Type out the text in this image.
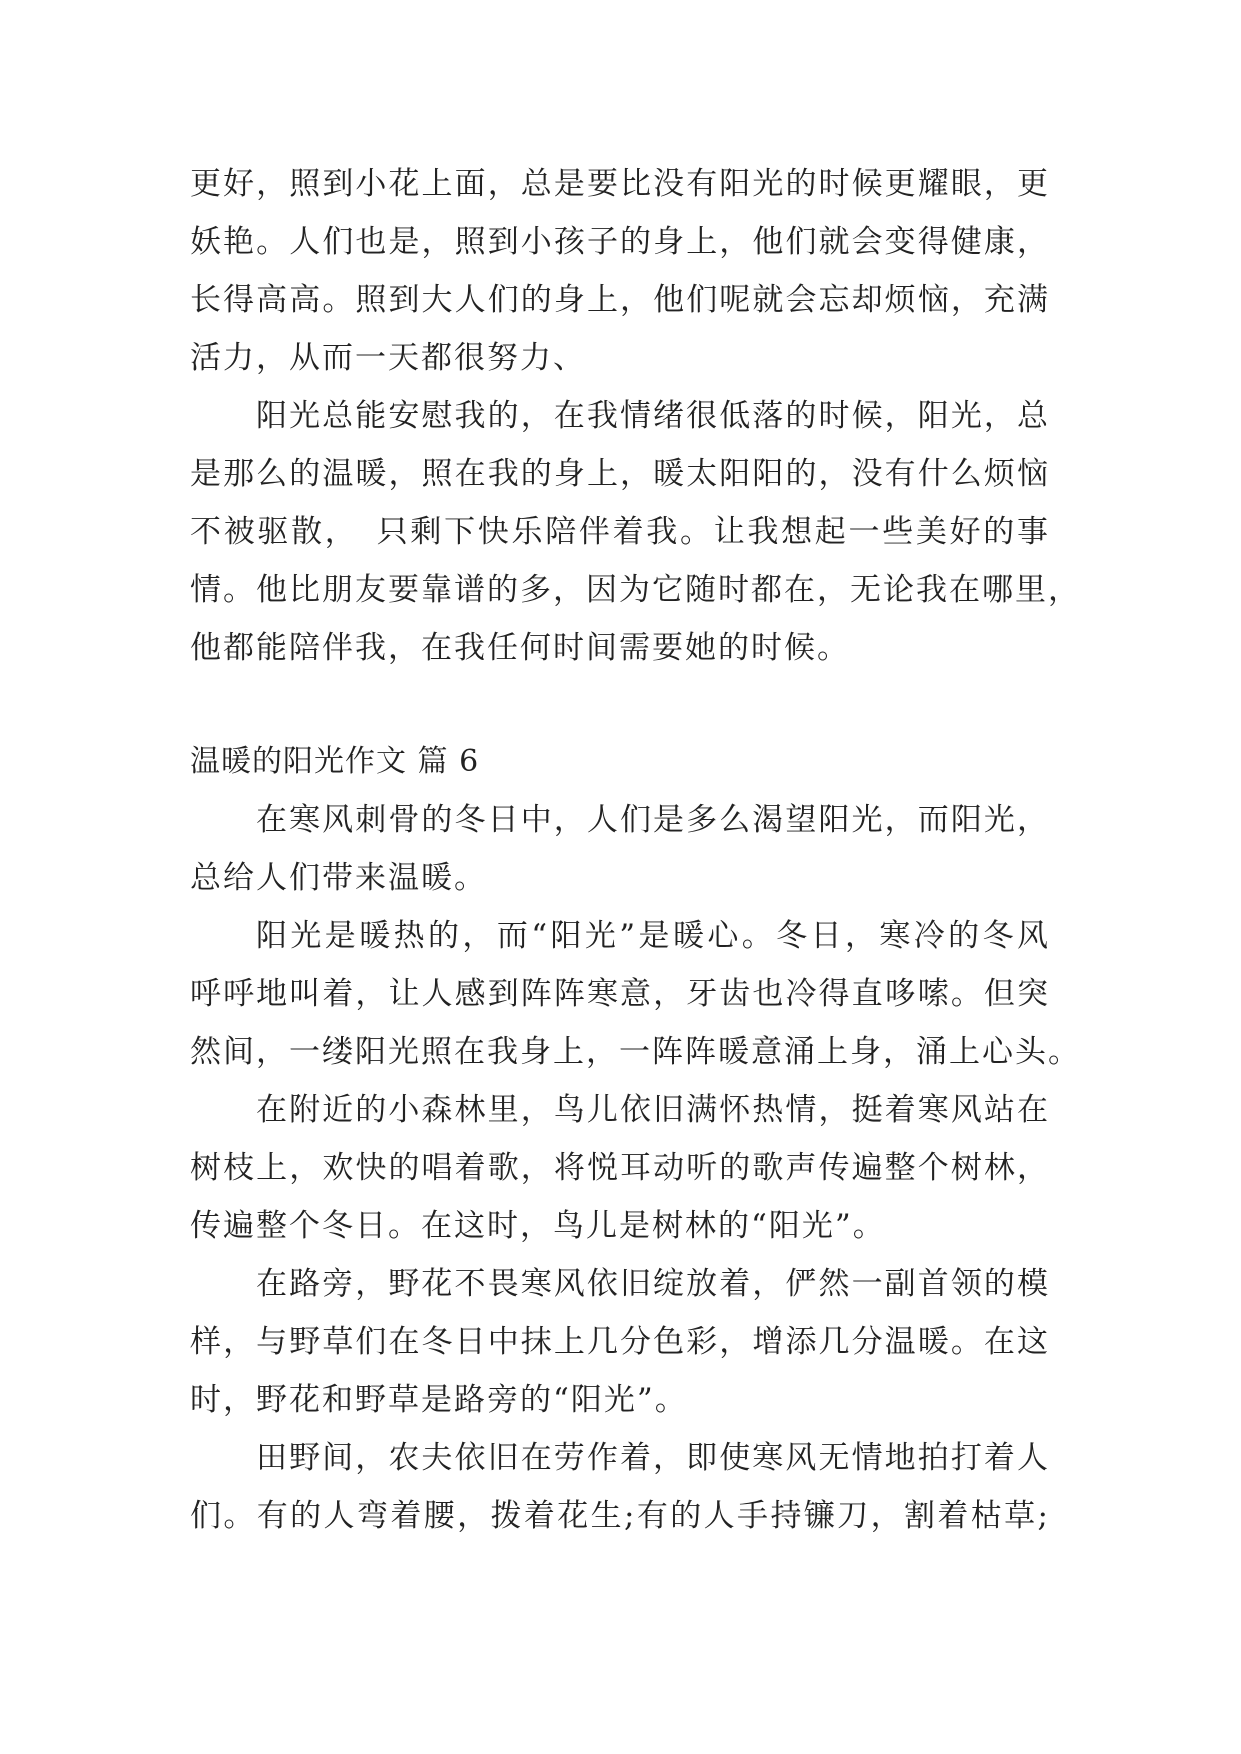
更好，照到小花上面，总是要比没有阳光的时候更耀眼，更
妖艳。人们也是，照到小孩子的身上，他们就会变得健康，
长得高高。照到大人们的身上，他们呢就会忘却烦恼，充满
活力，从而一天都很努力、
阳光总能安慰我的，在我情绪很低落的时候，阳光，总
是那么的温暖，照在我的身上，暖太阳阳的，没有什么烦恼
不被驱散，　只剩下快乐陪伴着我。让我想起一些美好的事
情。他比朋友要靠谱的多，因为它随时都在，无论我在哪里，
他都能陪伴我，在我任何时间需要她的时候。
温暖的阳光作文 篇 6
在寒风刺骨的冬日中，人们是多么渴望阳光，而阳光，
总给人们带来温暖。
阳光是暖热的，而“阳光”是暖心。冬日，寒冷的冬风
呼呼地叫着，让人感到阵阵寒意，牙齿也冷得直哆嗦。但突
然间，一缕阳光照在我身上，一阵阵暖意涌上身，涌上心头。
在附近的小森林里，鸟儿依旧满怀热情，挺着寒风站在
树枝上，欢快的唱着歌，将悦耳动听的歌声传遍整个树林，
传遍整个冬日。在这时，鸟儿是树林的“阳光”。
在路旁，野花不畏寒风依旧绽放着，俨然一副首领的模
样，与野草们在冬日中抹上几分色彩，增添几分温暖。在这
时，野花和野草是路旁的“阳光”。
田野间，农夫依旧在劳作着，即使寒风无情地拍打着人
们。有的人弯着腰，拨着花生;有的人手持镰刀，割着枯草;
